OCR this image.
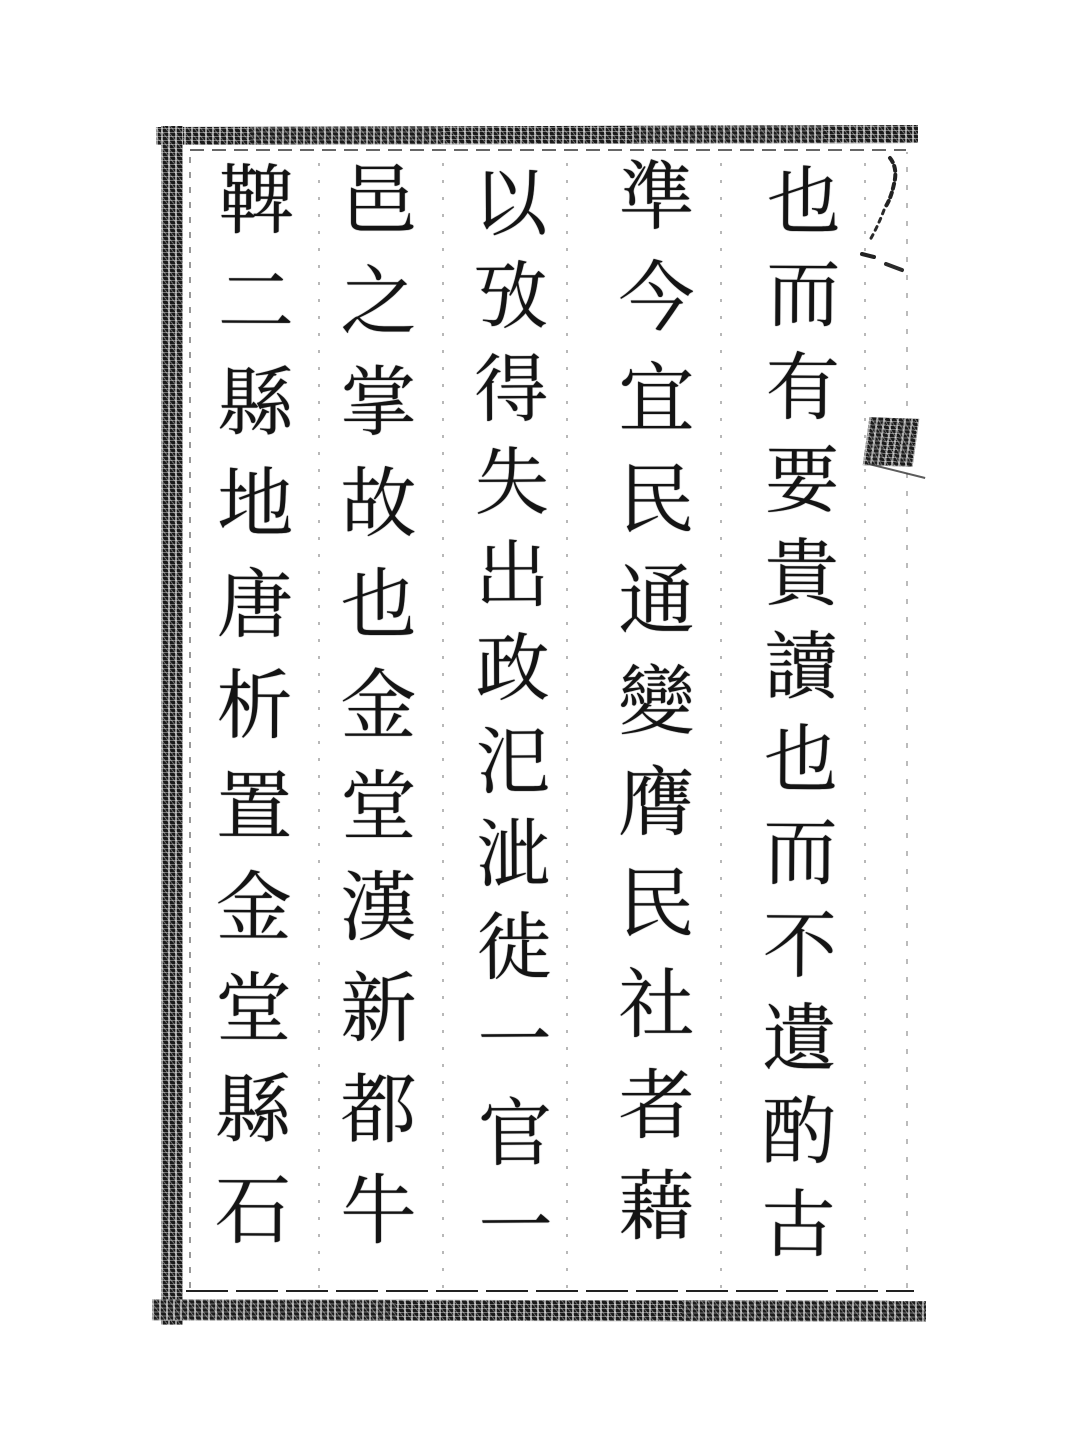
也而有要貴讀也而不遺酌古
準今宜民通變膺民社者藉
以攷得失出政汜泚徙一官一
邑之掌故也金堂漢新都牛
鞞二縣地唐析置金堂縣石
